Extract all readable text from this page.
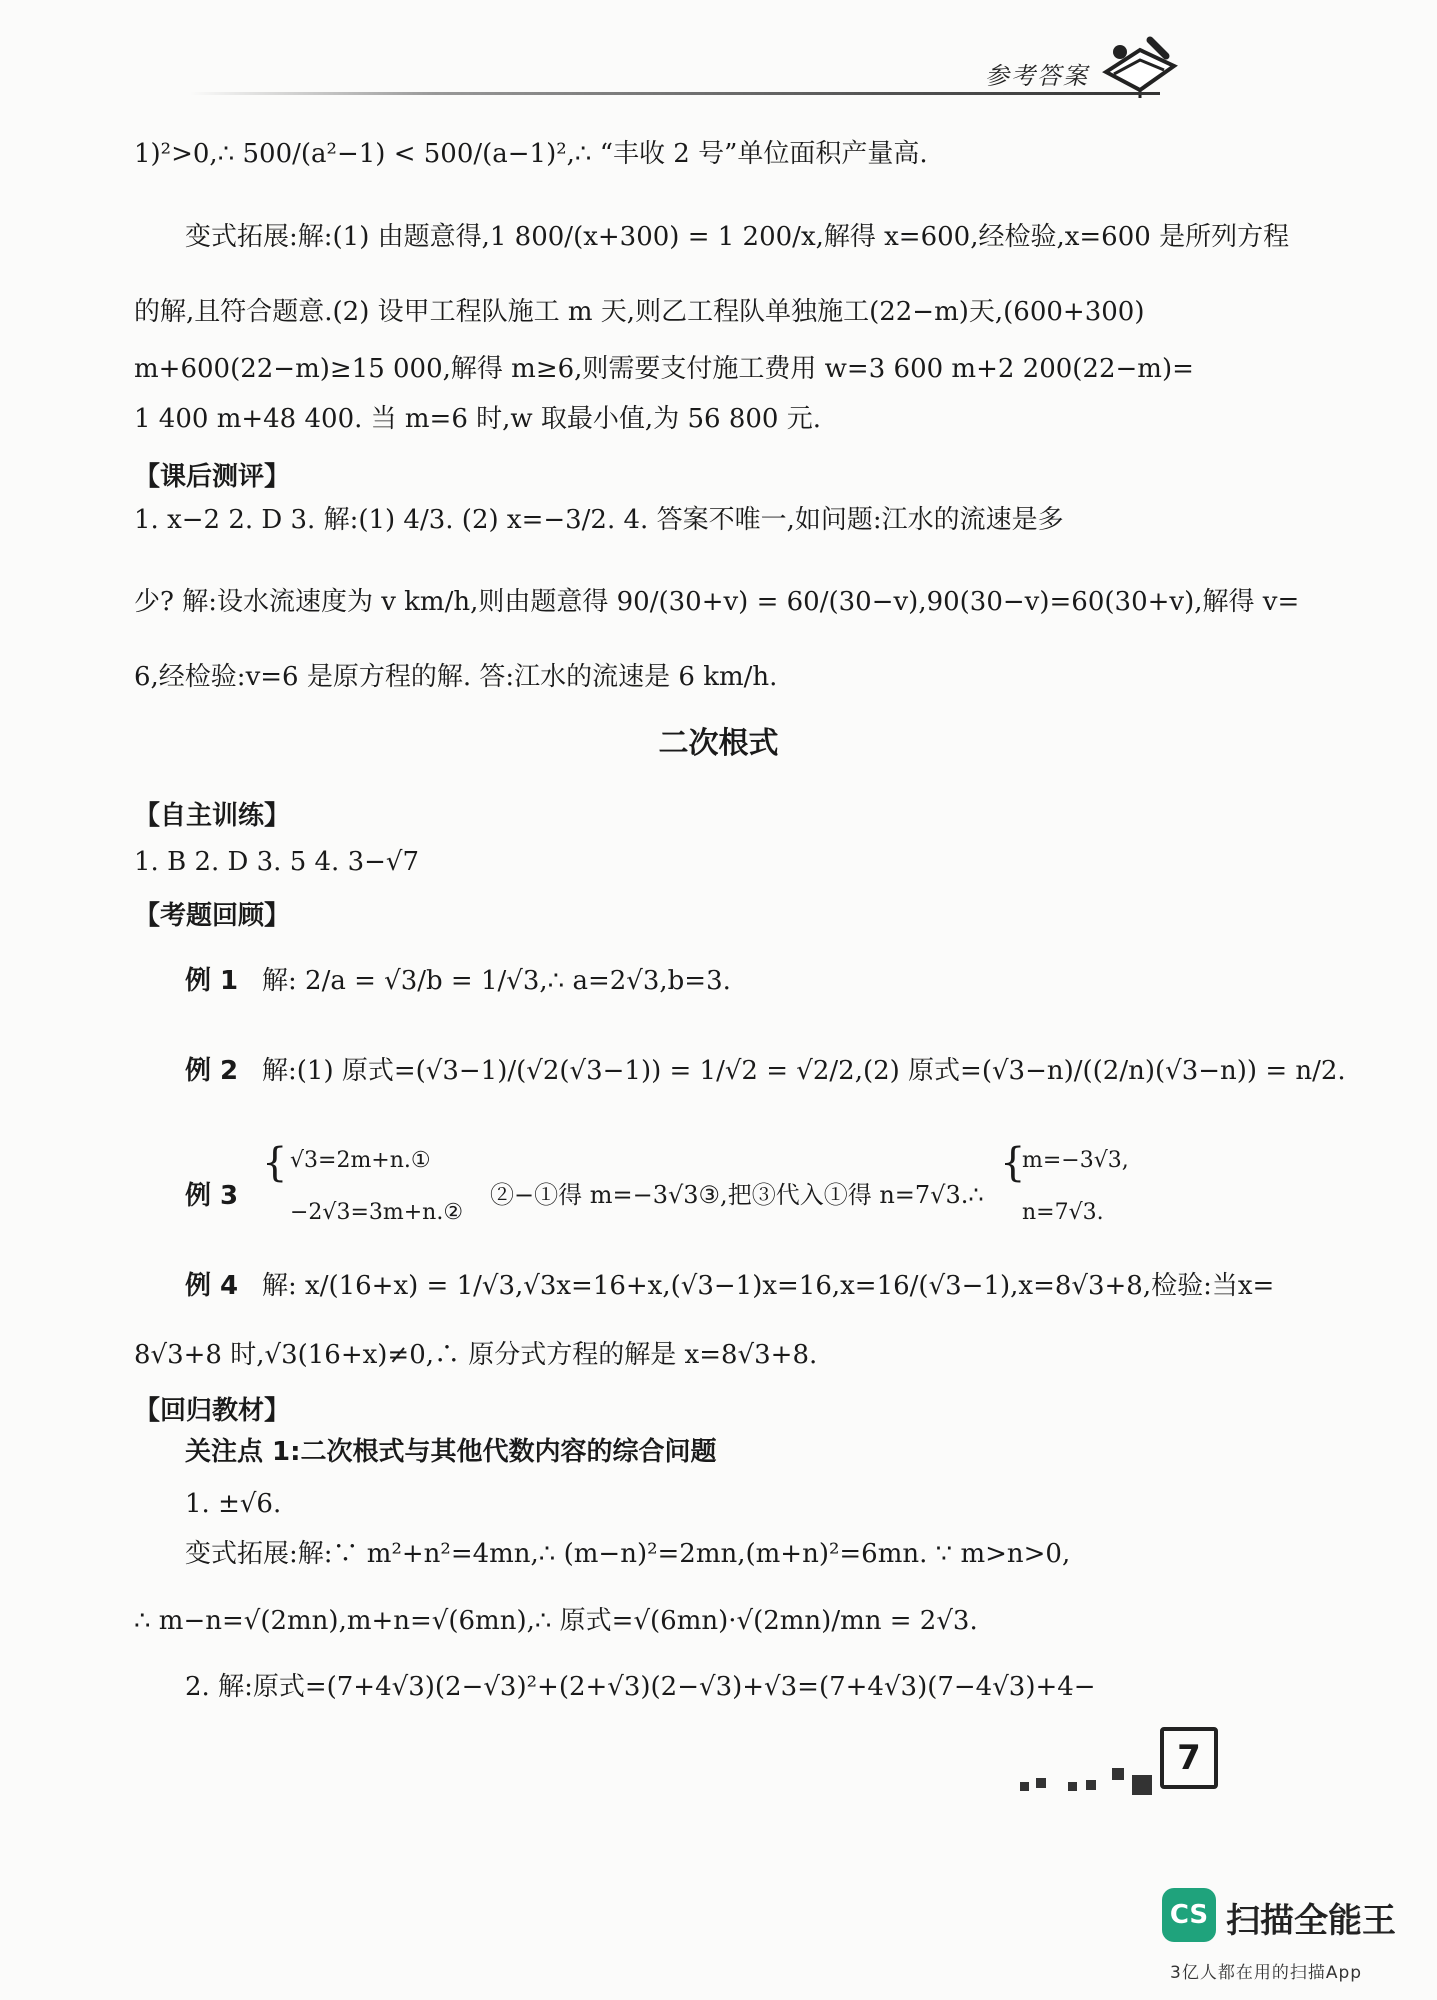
参考答案
1)²>0,∴ 500/(a²−1) < 500/(a−1)²,∴ “丰收 2 号”单位面积产量高.
变式拓展:解:(1) 由题意得,1 800/(x+300) = 1 200/x,解得 x=600,经检验,x=600 是所列方程
的解,且符合题意.(2) 设甲工程队施工 m 天,则乙工程队单独施工(22−m)天,(600+300)
m+600(22−m)≥15 000,解得 m≥6,则需要支付施工费用 w=3 600 m+2 200(22−m)=
1 400 m+48 400. 当 m=6 时,w 取最小值,为 56 800 元.
【课后测评】
1. x−2 2. D 3. 解:(1) 4/3. (2) x=−3/2. 4. 答案不唯一,如问题:江水的流速是多
少? 解:设水流速度为 v km/h,则由题意得 90/(30+v) = 60/(30−v),90(30−v)=60(30+v),解得 v=
6,经检验:v=6 是原方程的解. 答:江水的流速是 6 km/h.
二次根式
【自主训练】
1. B 2. D 3. 5 4. 3−√7
【考题回顾】
例 1 解: 2/a = √3/b = 1/√3,∴ a=2√3,b=3.
例 2 解:(1) 原式=(√3−1)/(√2(√3−1)) = 1/√2 = √2/2,(2) 原式=(√3−n)/((2/n)(√3−n)) = n/2.
例 3
{ √3=2m+n.①
−2√3=3m+n.②
②−①得 m=−3√3③,把③代入①得 n=7√3.∴
{
m=−3√3,
n=7√3.
例 4 解: x/(16+x) = 1/√3,√3x=16+x,(√3−1)x=16,x=16/(√3−1),x=8√3+8,检验:当x=
8√3+8 时,√3(16+x)≠0,∴ 原分式方程的解是 x=8√3+8.
【回归教材】
关注点 1:二次根式与其他代数内容的综合问题
1. ±√6.
变式拓展:解:∵ m²+n²=4mn,∴ (m−n)²=2mn,(m+n)²=6mn. ∵ m>n>0,
∴ m−n=√(2mn),m+n=√(6mn),∴ 原式=√(6mn)·√(2mn)/mn = 2√3.
2. 解:原式=(7+4√3)(2−√3)²+(2+√3)(2−√3)+√3=(7+4√3)(7−4√3)+4−
7
CS 扫描全能王
3亿人都在用的扫描App
